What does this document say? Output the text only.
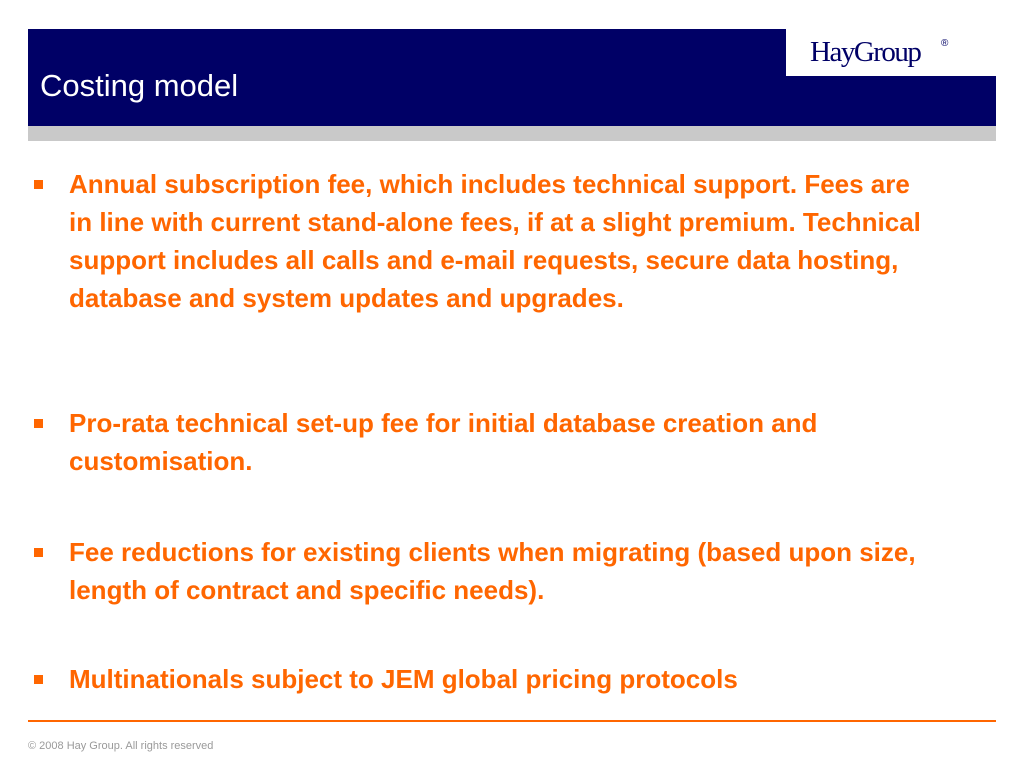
Costing model
HayGroup ®
Annual subscription fee, which includes technical support. Fees are in line with current stand-alone fees, if at a slight premium. Technical support includes all calls and e-mail requests, secure data hosting, database and system updates and upgrades.
Pro-rata technical set-up fee for initial database creation and customisation.
Fee reductions for existing clients when migrating (based upon size, length of contract and specific needs).
Multinationals subject to JEM global pricing protocols
© 2008 Hay Group. All rights reserved
